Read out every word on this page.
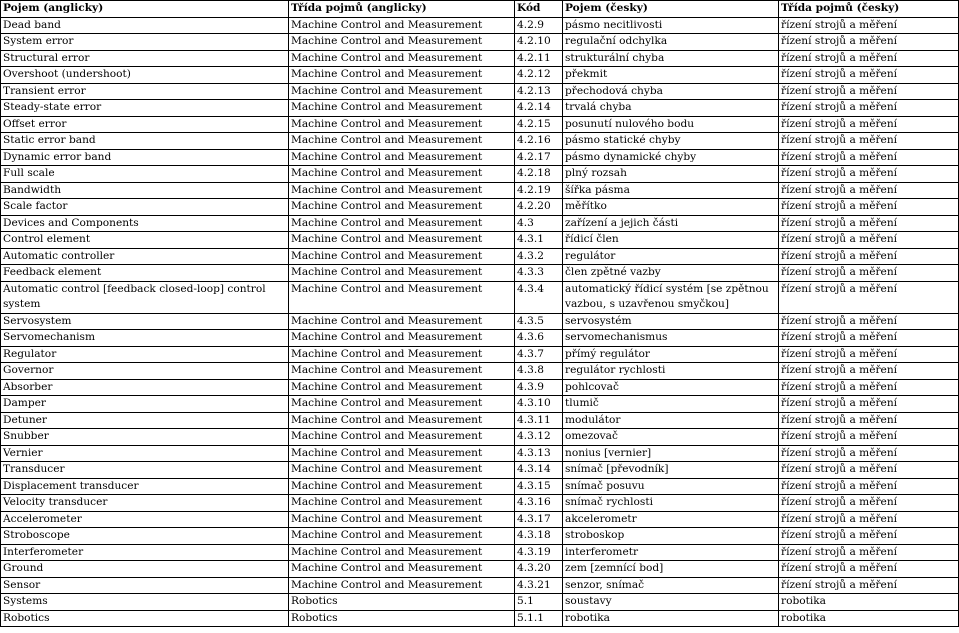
Pojem (anglicky)	Třída pojmů (anglicky)	Kód	Pojem (česky)	Třída pojmů (česky)
Dead band	Machine Control and Measurement	4.2.9	pásmo necitlivosti	řízení strojů a měření
System error	Machine Control and Measurement	4.2.10	regulační odchylka	řízení strojů a měření
Structural error	Machine Control and Measurement	4.2.11	strukturální chyba	řízení strojů a měření
Overshoot (undershoot)	Machine Control and Measurement	4.2.12	překmit	řízení strojů a měření
Transient error	Machine Control and Measurement	4.2.13	přechodová chyba	řízení strojů a měření
Steady-state error	Machine Control and Measurement	4.2.14	trvalá chyba	řízení strojů a měření
Offset error	Machine Control and Measurement	4.2.15	posunutí nulového bodu	řízení strojů a měření
Static error band	Machine Control and Measurement	4.2.16	pásmo statické chyby	řízení strojů a měření
Dynamic error band	Machine Control and Measurement	4.2.17	pásmo dynamické chyby	řízení strojů a měření
Full scale	Machine Control and Measurement	4.2.18	plný rozsah	řízení strojů a měření
Bandwidth	Machine Control and Measurement	4.2.19	šířka pásma	řízení strojů a měření
Scale factor	Machine Control and Measurement	4.2.20	měřítko	řízení strojů a měření
Devices and Components	Machine Control and Measurement	4.3	zařízení a jejich části	řízení strojů a měření
Control element	Machine Control and Measurement	4.3.1	řídicí člen	řízení strojů a měření
Automatic controller	Machine Control and Measurement	4.3.2	regulátor	řízení strojů a měření
Feedback element	Machine Control and Measurement	4.3.3	člen zpětné vazby	řízení strojů a měření
Automatic control [feedback closed-loop] control system	Machine Control and Measurement	4.3.4	automatický řídicí systém [se zpětnou vazbou, s uzavřenou smyčkou]	řízení strojů a měření
Servosystem	Machine Control and Measurement	4.3.5	servosystém	řízení strojů a měření
Servomechanism	Machine Control and Measurement	4.3.6	servomechanismus	řízení strojů a měření
Regulator	Machine Control and Measurement	4.3.7	přímý regulátor	řízení strojů a měření
Governor	Machine Control and Measurement	4.3.8	regulátor rychlosti	řízení strojů a měření
Absorber	Machine Control and Measurement	4.3.9	pohlcovač	řízení strojů a měření
Damper	Machine Control and Measurement	4.3.10	tlumič	řízení strojů a měření
Detuner	Machine Control and Measurement	4.3.11	modulátor	řízení strojů a měření
Snubber	Machine Control and Measurement	4.3.12	omezovač	řízení strojů a měření
Vernier	Machine Control and Measurement	4.3.13	nonius [vernier]	řízení strojů a měření
Transducer	Machine Control and Measurement	4.3.14	snímač [převodník]	řízení strojů a měření
Displacement transducer	Machine Control and Measurement	4.3.15	snímač posuvu	řízení strojů a měření
Velocity transducer	Machine Control and Measurement	4.3.16	snímač rychlosti	řízení strojů a měření
Accelerometer	Machine Control and Measurement	4.3.17	akcelerometr	řízení strojů a měření
Stroboscope	Machine Control and Measurement	4.3.18	stroboskop	řízení strojů a měření
Interferometer	Machine Control and Measurement	4.3.19	interferometr	řízení strojů a měření
Ground	Machine Control and Measurement	4.3.20	zem [zemnící bod]	řízení strojů a měření
Sensor	Machine Control and Measurement	4.3.21	senzor, snímač	řízení strojů a měření
Systems	Robotics	5.1	soustavy	robotika
Robotics	Robotics	5.1.1	robotika	robotika
